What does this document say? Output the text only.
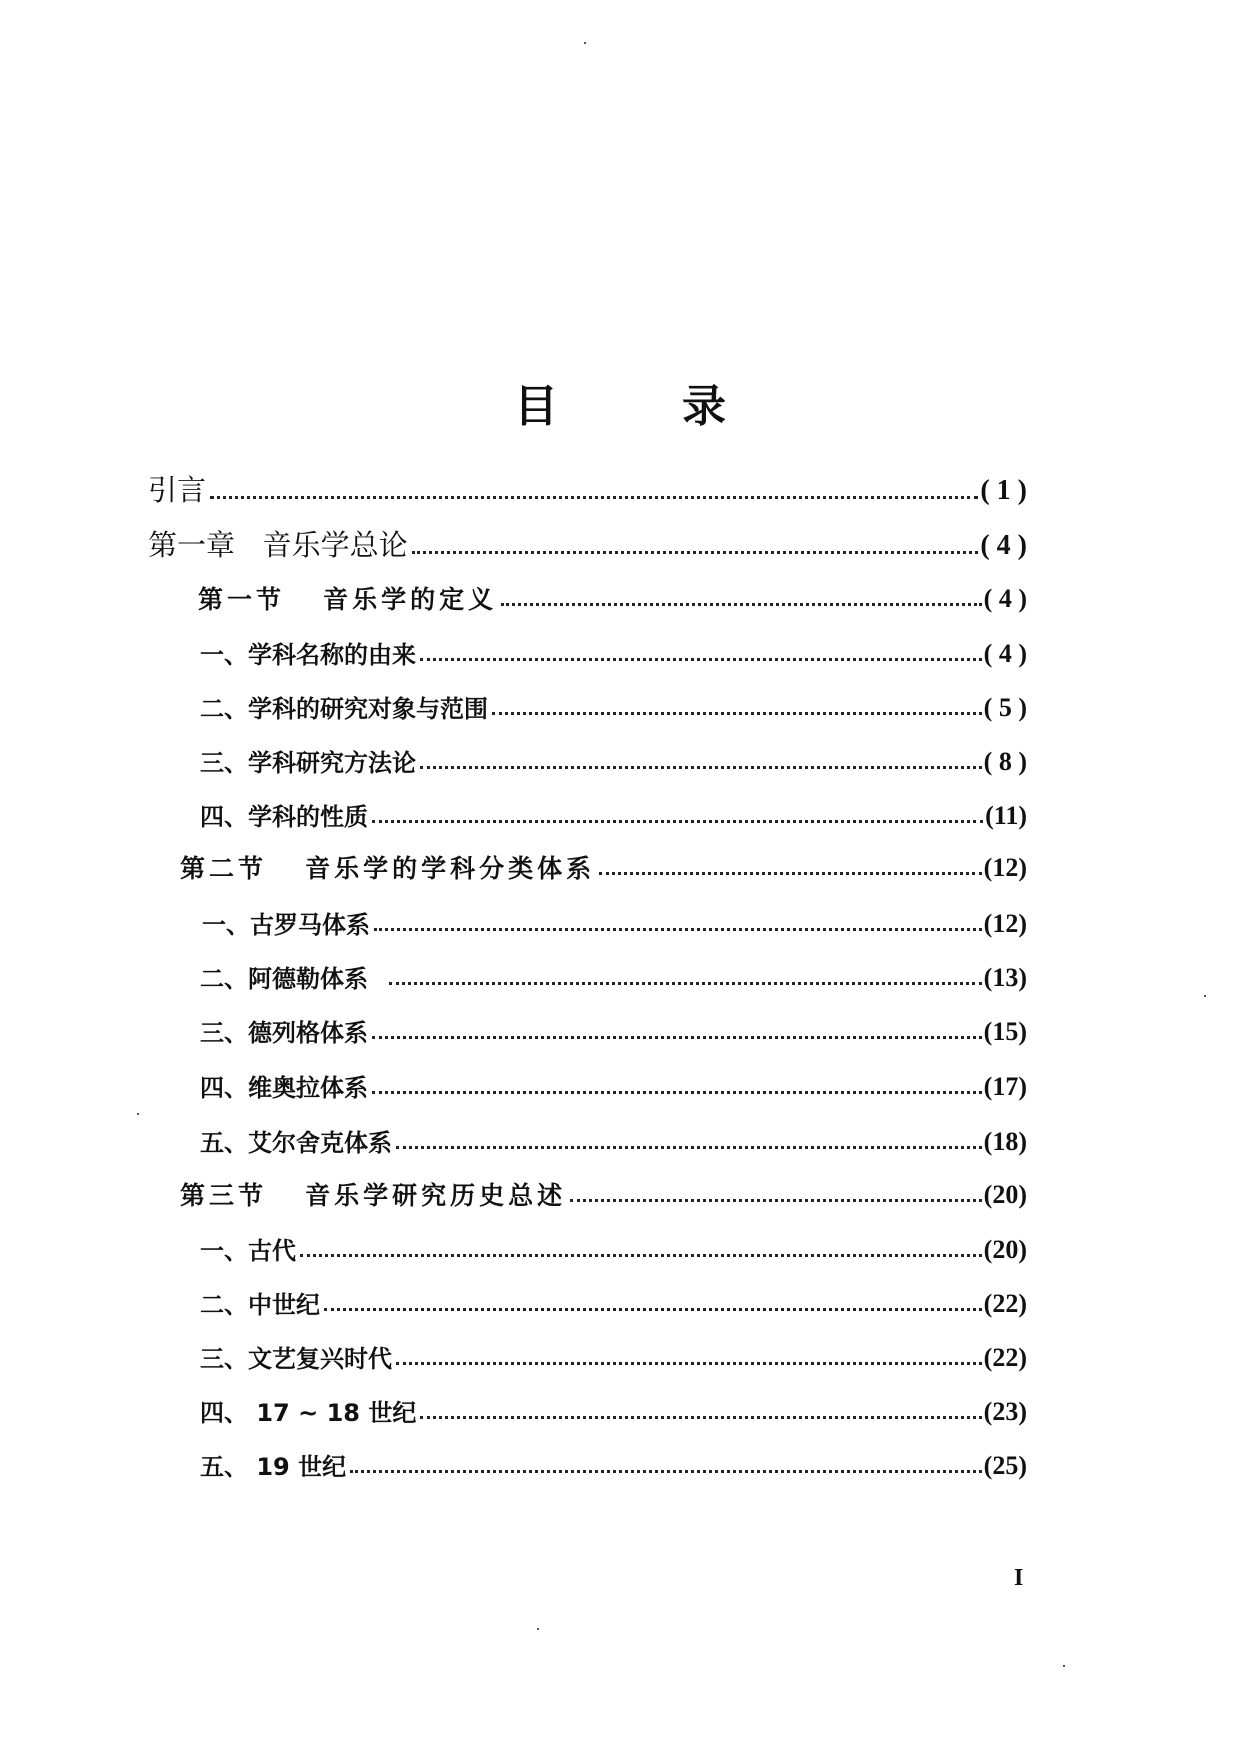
目	录
引言	( 1 )
第一章   音乐学总论	( 4 )
第一节   音乐学的定义	( 4 )
一、学科名称的由来	( 4 )
二、学科的研究对象与范围	( 5 )
三、学科研究方法论	( 8 )
四、学科的性质	(11)
第二节   音乐学的学科分类体系	(12)
一、古罗马体系	(12)
二、阿德勒体系	(13)
三、德列格体系	(15)
四、维奥拉体系	(17)
五、艾尔舍克体系	(18)
第三节   音乐学研究历史总述	(20)
一、古代	(20)
二、中世纪	(22)
三、文艺复兴时代	(22)
四、 17 ~ 18 世纪	(23)
五、 19 世纪	(25)
I
